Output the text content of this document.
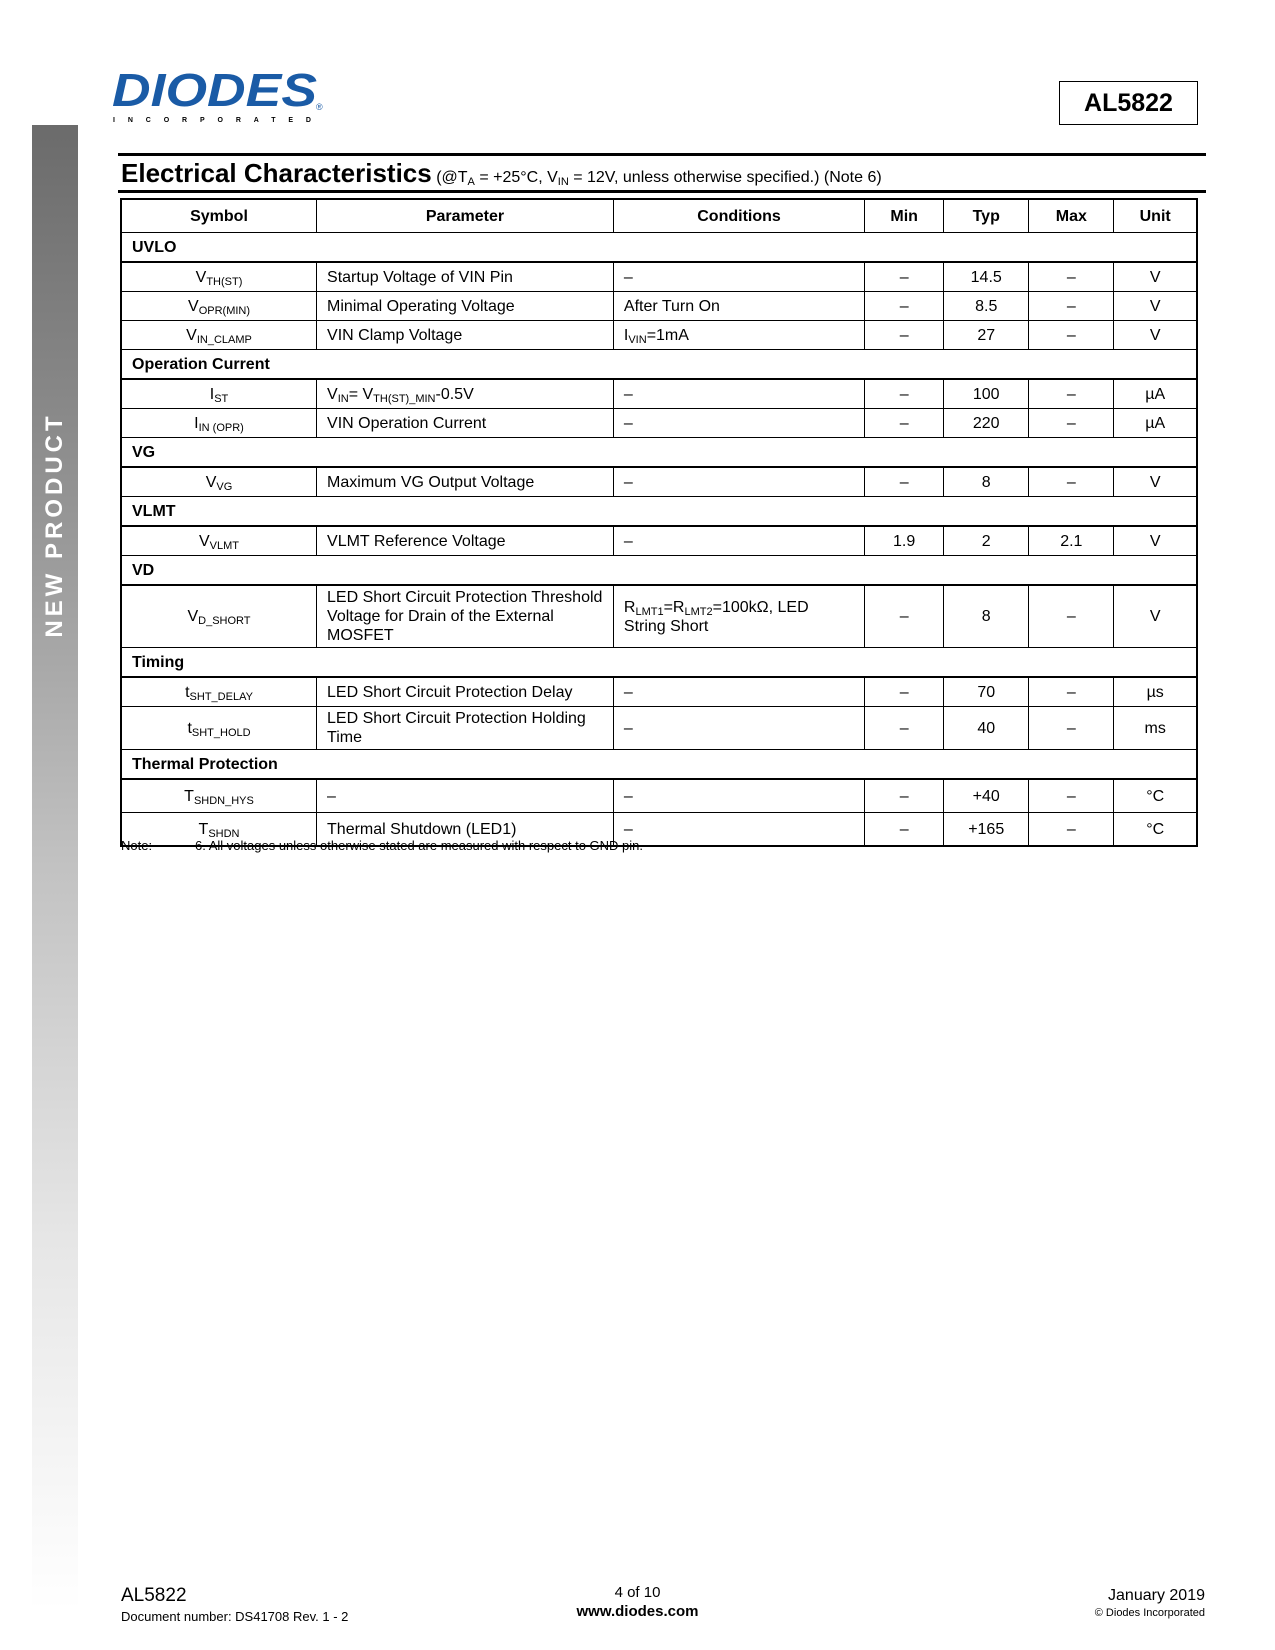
NEW PRODUCT
DIODES
®
INCORPORATED
AL5822
Electrical Characteristics ($@T_A = +25^\circ C$, $V_{IN} = 12V$, unless otherwise specified.) (Note 6)
Symbol	Parameter	Conditions	Min	Typ	Max	Unit
UVLO						
$V_{TH(ST)}$	Startup Voltage of VIN Pin	–	–	14.5	–	V
$V_{OPR(MIN)}$	Minimal Operating Voltage	After Turn On	–	8.5	–	V
$V_{IN\_CLAMP}$	VIN Clamp Voltage	$I_{VIN}=1mA$	–	27	–	V
Operation Current						
$I_{ST}$	$V_{IN}= V_{TH(ST)\_MIN}-0.5V$	–	–	100	–	µA
$I_{IN (OPR)}$	VIN Operation Current	–	–	220	–	µA
VG						
$V_{VG}$	Maximum VG Output Voltage	–	–	8	–	V
VLMT						
$V_{VLMT}$	VLMT Reference Voltage	–	1.9	2	2.1	V
VD						
$V_{D\_SHORT}$	LED Short Circuit Protection Threshold Voltage for Drain of the External MOSFET	$R_{LMT1}=R_{LMT2}=100k\Omega$, LED String Short	–	8	–	V
Timing						
$t_{SHT\_DELAY}$	LED Short Circuit Protection Delay	–	–	70	–	µs
$t_{SHT\_HOLD}$	LED Short Circuit Protection Holding Time	–	–	40	–	ms
Thermal Protection						
$T_{SHDN\_HYS}$	–	–	–	+40	–	°C
$T_{SHDN}$	Thermal Shutdown (LED1)	–	–	+165	–	°C
Note:	6. All voltages unless otherwise stated are measured with respect to GND pin.
AL5822
Document number: DS41708 Rev. 1 - 2
4 of 10
www.diodes.com
January 2019
© Diodes Incorporated
